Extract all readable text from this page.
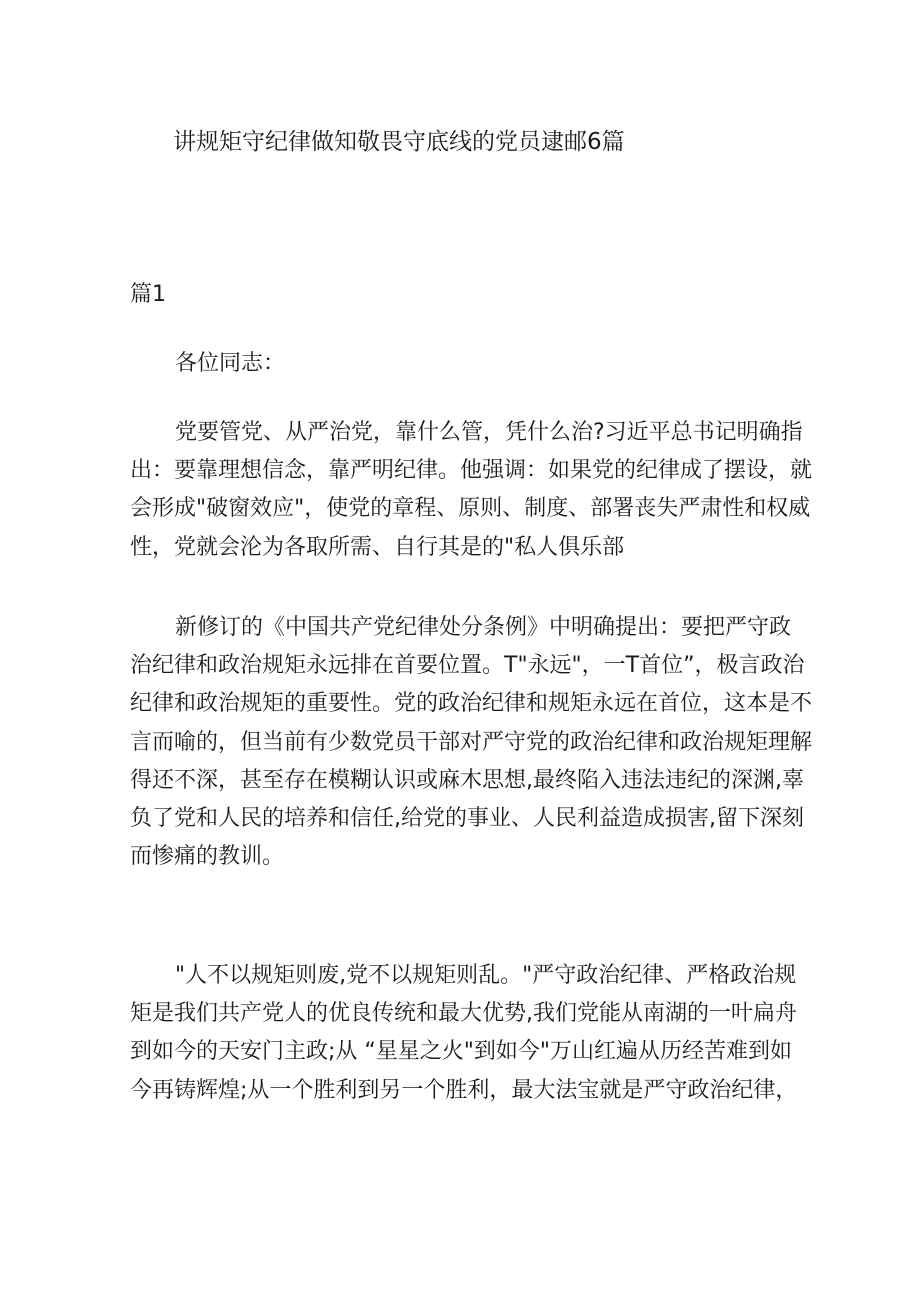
讲规矩守纪律做知敬畏守底线的党员逮邮6篇
篇1

各位同志：

党要管党、从严治党，靠什么管，凭什么治?习近平总书记明确指
出：要靠理想信念，靠严明纪律。他强调：如果党的纪律成了摆设，就
会形成"破窗效应"，使党的章程、原则、制度、部署丧失严肃性和权威
性，党就会沦为各取所需、自行其是的"私人俱乐部
新修订的《中国共产党纪律处分条例》中明确提出：要把严守政
治纪律和政治规矩永远排在首要位置。T"永远"，一T首位”，极言政治
纪律和政治规矩的重要性。党的政治纪律和规矩永远在首位，这本是不
言而喻的，但当前有少数党员干部对严守党的政治纪律和政治规矩理解
得还不深，甚至存在模糊认识或麻木思想,最终陷入违法违纪的深渊,辜
负了党和人民的培养和信任,给党的事业、人民利益造成损害,留下深刻
而惨痛的教训。
"人不以规矩则废,党不以规矩则乱。"严守政治纪律、严格政治规
矩是我们共产党人的优良传统和最大优势,我们党能从南湖的一叶扁舟
到如今的天安门主政;从 “星星之火"到如今"万山红遍从历经苦难到如
今再铸辉煌;从一个胜利到另一个胜利，最大法宝就是严守政治纪律，
